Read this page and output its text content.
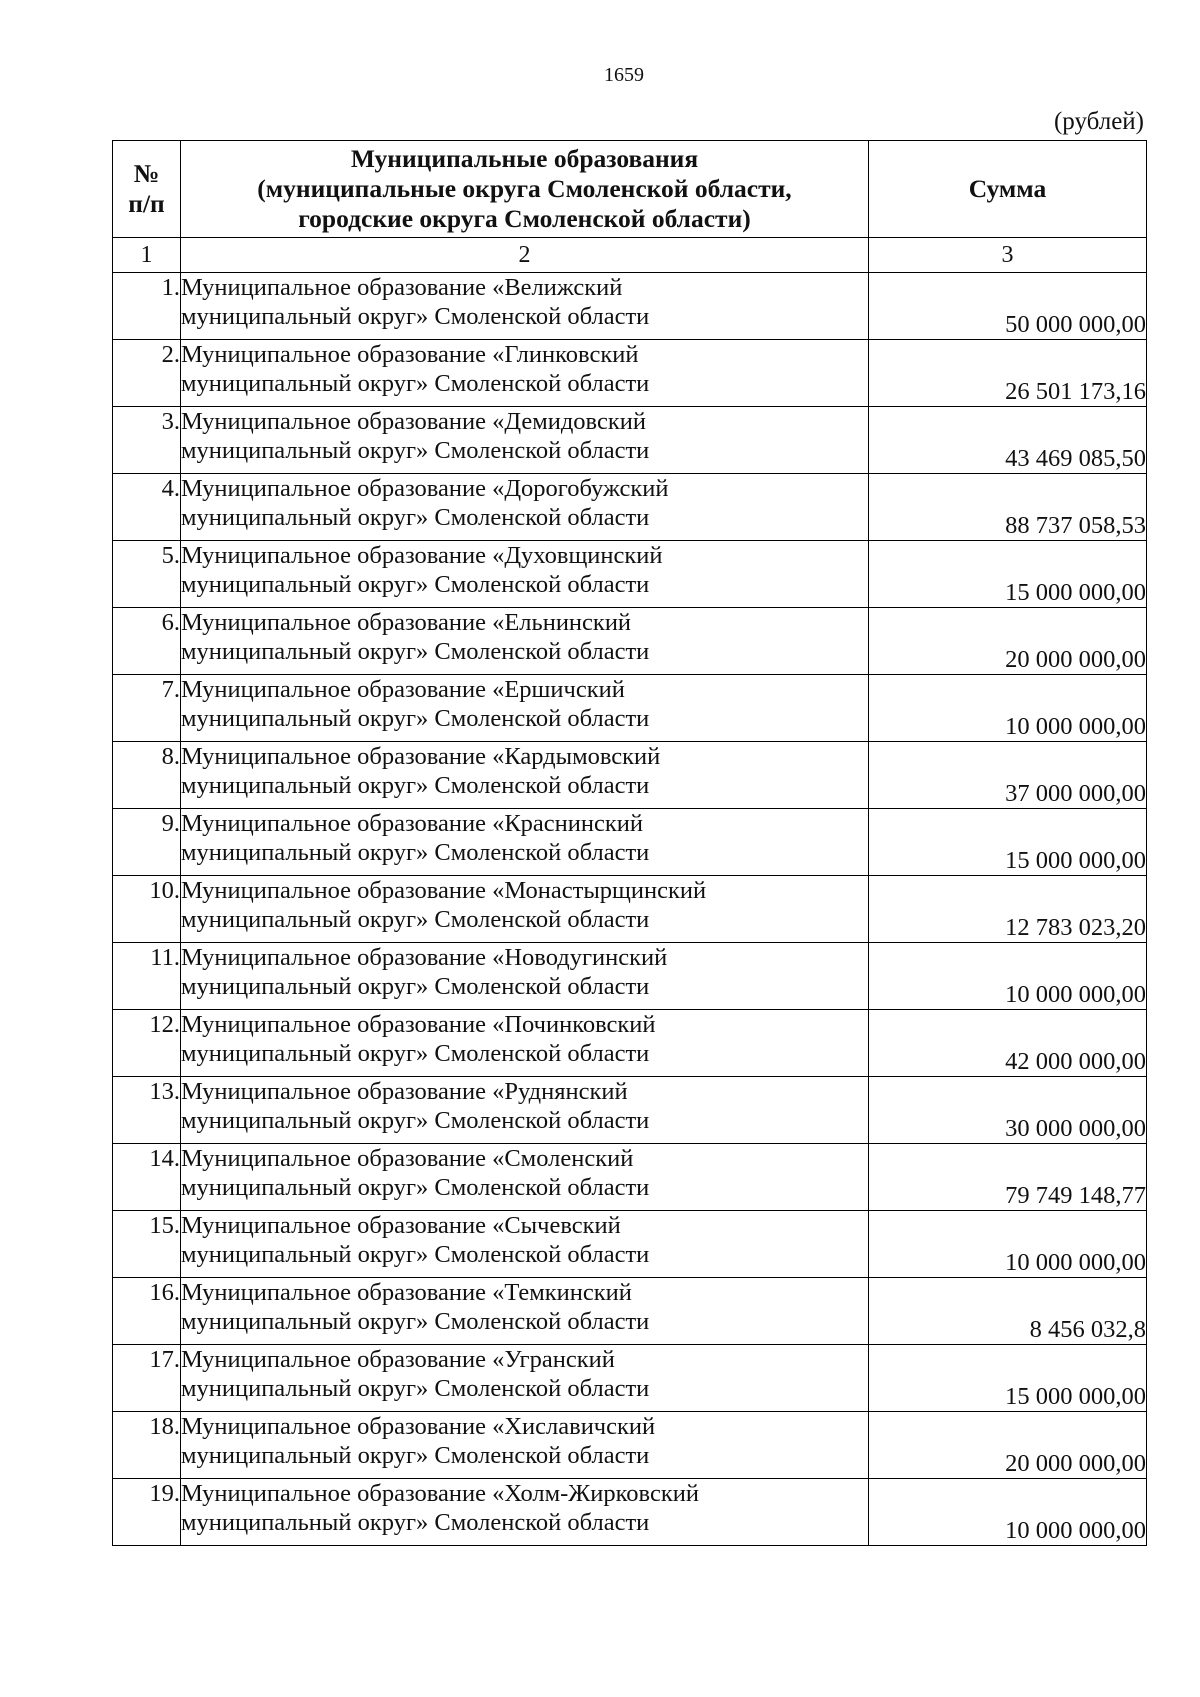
1659
(рублей)
№
п/п	Муниципальные образования
(муниципальные округа Смоленской области,
городские округа Смоленской области)	Сумма
1	2	3
1.	Муниципальное образование «Велижский
муниципальный округ» Смоленской области	50 000 000,00
2.	Муниципальное образование «Глинковский
муниципальный округ» Смоленской области	26 501 173,16
3.	Муниципальное образование «Демидовский
муниципальный округ» Смоленской области	43 469 085,50
4.	Муниципальное образование «Дорогобужский
муниципальный округ» Смоленской области	88 737 058,53
5.	Муниципальное образование «Духовщинский
муниципальный округ» Смоленской области	15 000 000,00
6.	Муниципальное образование «Ельнинский
муниципальный округ» Смоленской области	20 000 000,00
7.	Муниципальное образование «Ершичский
муниципальный округ» Смоленской области	10 000 000,00
8.	Муниципальное образование «Кардымовский
муниципальный округ» Смоленской области	37 000 000,00
9.	Муниципальное образование «Краснинский
муниципальный округ» Смоленской области	15 000 000,00
10.	Муниципальное образование «Монастырщинский
муниципальный округ» Смоленской области	12 783 023,20
11.	Муниципальное образование «Новодугинский
муниципальный округ» Смоленской области	10 000 000,00
12.	Муниципальное образование «Починковский
муниципальный округ» Смоленской области	42 000 000,00
13.	Муниципальное образование «Руднянский
муниципальный округ» Смоленской области	30 000 000,00
14.	Муниципальное образование «Смоленский
муниципальный округ» Смоленской области	79 749 148,77
15.	Муниципальное образование «Сычевский
муниципальный округ» Смоленской области	10 000 000,00
16.	Муниципальное образование «Темкинский
муниципальный округ» Смоленской области	8 456 032,8
17.	Муниципальное образование «Угранский
муниципальный округ» Смоленской области	15 000 000,00
18.	Муниципальное образование «Хиславичский
муниципальный округ» Смоленской области	20 000 000,00
19.	Муниципальное образование «Холм-Жирковский
муниципальный округ» Смоленской области	10 000 000,00
